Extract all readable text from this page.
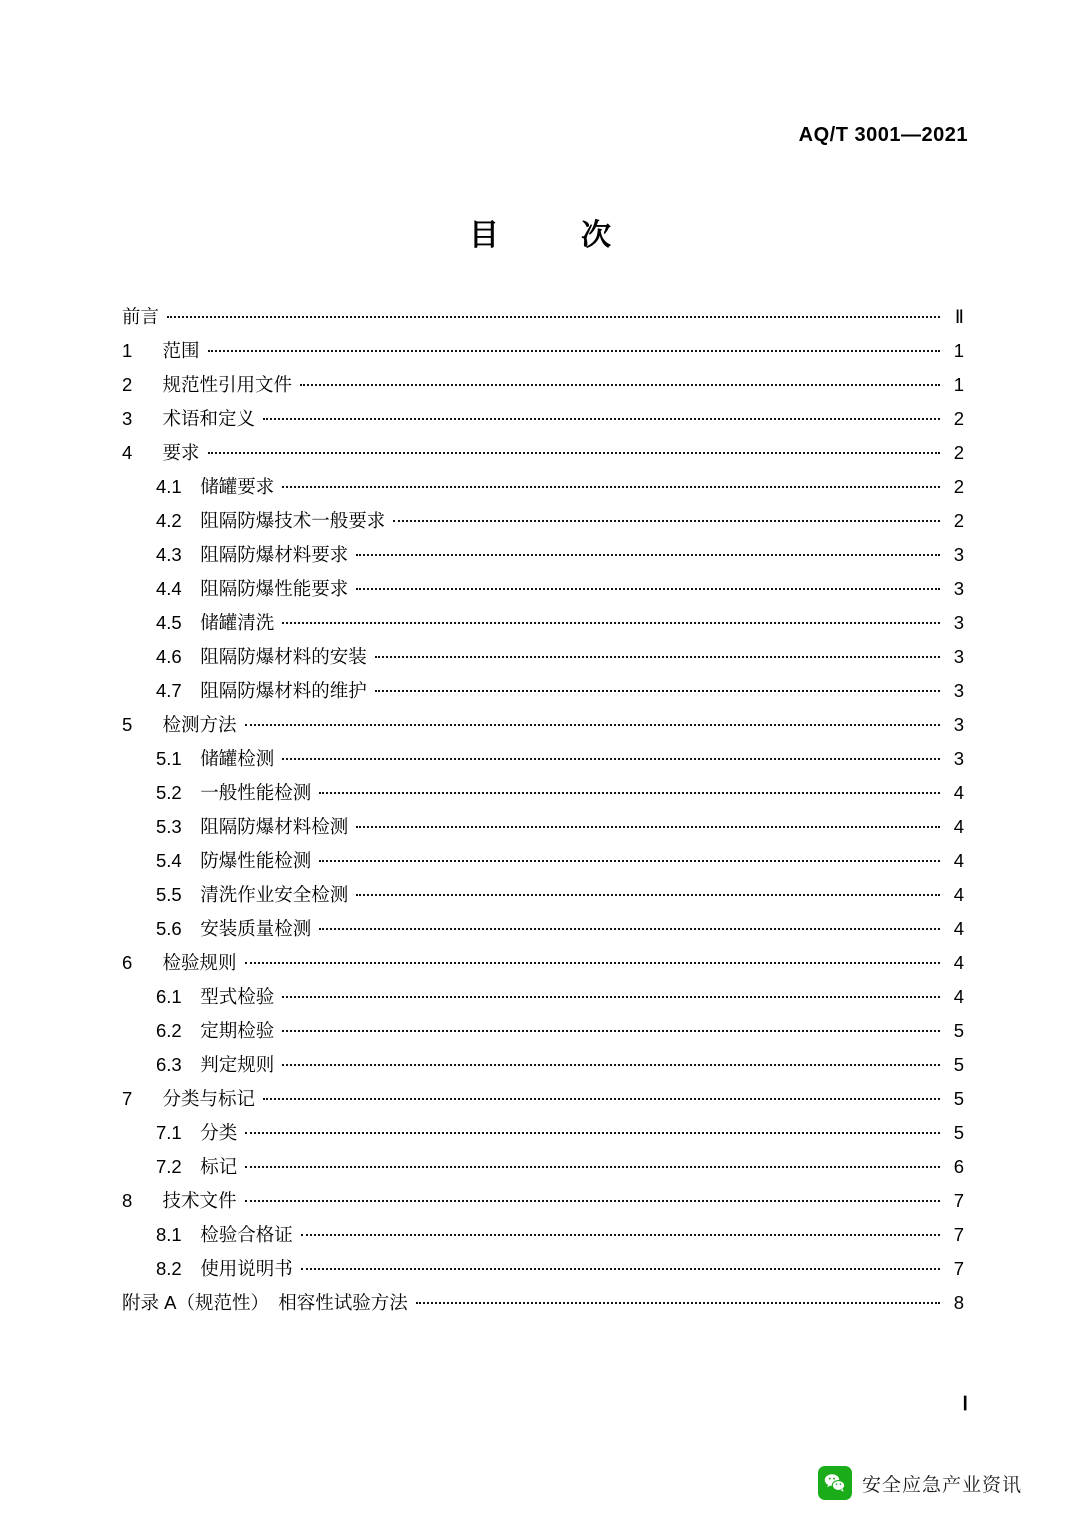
AQ/T 3001—2021
目　次
前言	Ⅱ
1  范围	1
2  规范性引用文件	1
3  术语和定义	2
4  要求	2
4.1  储罐要求	2
4.2  阻隔防爆技术一般要求	2
4.3  阻隔防爆材料要求	3
4.4  阻隔防爆性能要求	3
4.5  储罐清洗	3
4.6  阻隔防爆材料的安装	3
4.7  阻隔防爆材料的维护	3
5  检测方法	3
5.1  储罐检测	3
5.2  一般性能检测	4
5.3  阻隔防爆材料检测	4
5.4  防爆性能检测	4
5.5  清洗作业安全检测	4
5.6  安装质量检测	4
6  检验规则	4
6.1  型式检验	4
6.2  定期检验	5
6.3  判定规则	5
7  分类与标记	5
7.1  分类	5
7.2  标记	6
8  技术文件	7
8.1  检验合格证	7
8.2  使用说明书	7
附录 A（规范性）　相容性试验方法	8
Ⅰ
安全应急产业资讯
